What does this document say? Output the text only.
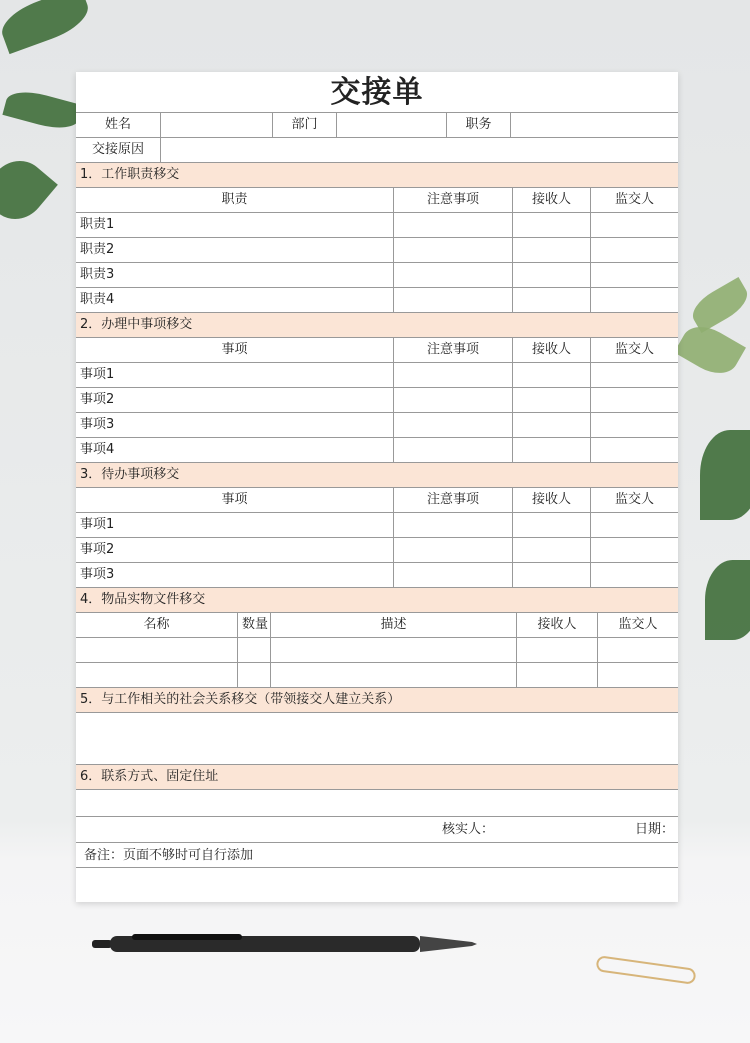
交接单
姓名	部门	职务
交接原因
1．工作职责移交
职责	注意事项	接收人	监交人
职责1
职责2
职责3
职责4
2．办理中事项移交
事项	注意事项	接收人	监交人
事项1
事项2
事项3
事项4
3．待办事项移交
事项	注意事项	接收人	监交人
事项1
事项2
事项3
4．物品实物文件移交
名称	数量	描述	接收人	监交人
5．与工作相关的社会关系移交（带领接交人建立关系）
6．联系方式、固定住址
核实人：	日期：
备注：页面不够时可自行添加
